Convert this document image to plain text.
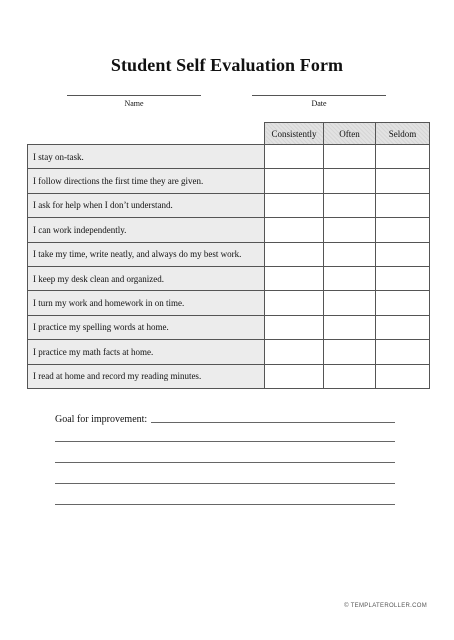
Student Self Evaluation Form
Name	Date
	Consistently	Often	Seldom
I stay on-task.			
I follow directions the first time they are given.			
I ask for help when I don’t understand.			
I can work independently.			
I take my time, write neatly, and always do my best work.			
I keep my desk clean and organized.			
I turn my work and homework in on time.			
I practice my spelling words at home.			
I practice my math facts at home.			
I read at home and record my reading minutes.			
Goal for improvement:
© TEMPLATEROLLER.COM
